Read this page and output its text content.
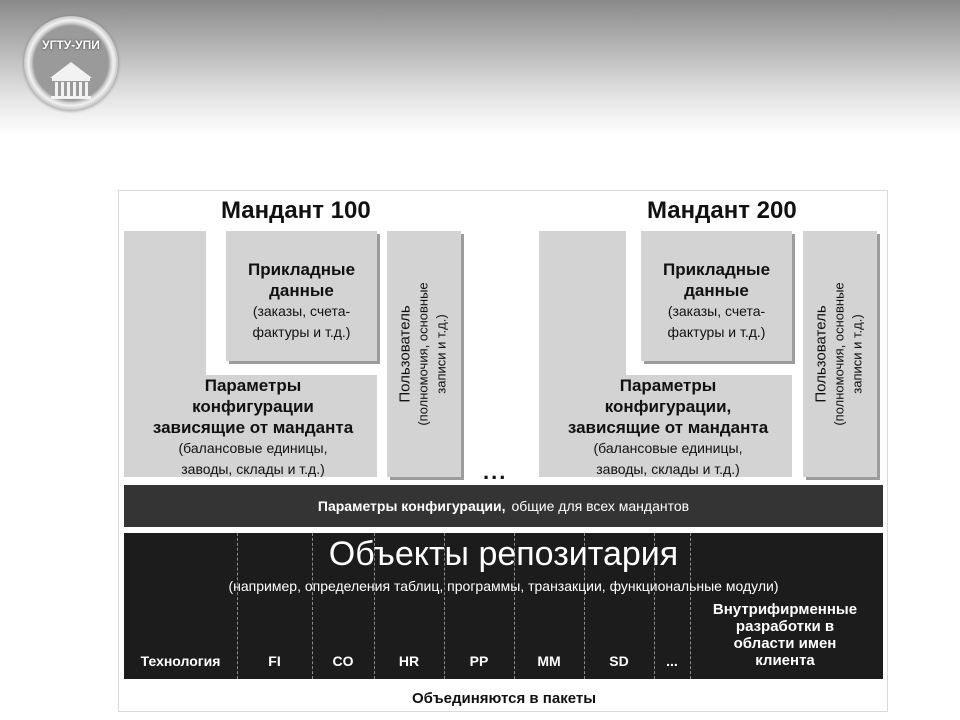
УГТУ-УПИ
Мандант 100
Параметры
конфигурации
зависящие от манданта
(балансовые единицы,
заводы, склады и т.д.)
Прикладные
данные
(заказы, счета-
фактуры и т.д.)	Пользователь (полномочия, основные записи и т.д.)
...
Мандант 200
Параметры
конфигурации,
зависящие от манданта
(балансовые единицы,
заводы, склады и т.д.)
Прикладные
данные
(заказы, счета-
фактуры и т.д.)	Пользователь (полномочия, основные записи и т.д.)
Параметры конфигурации, общие для всех мандантов
Объекты репозитария
(например, определения таблиц, программы, транзакции, функциональные модули)
Технология	FI	CO	HR	PP	MM	SD	...
Внутрифирменные
разработки в
области имен
клиента
Объединяются в пакеты
